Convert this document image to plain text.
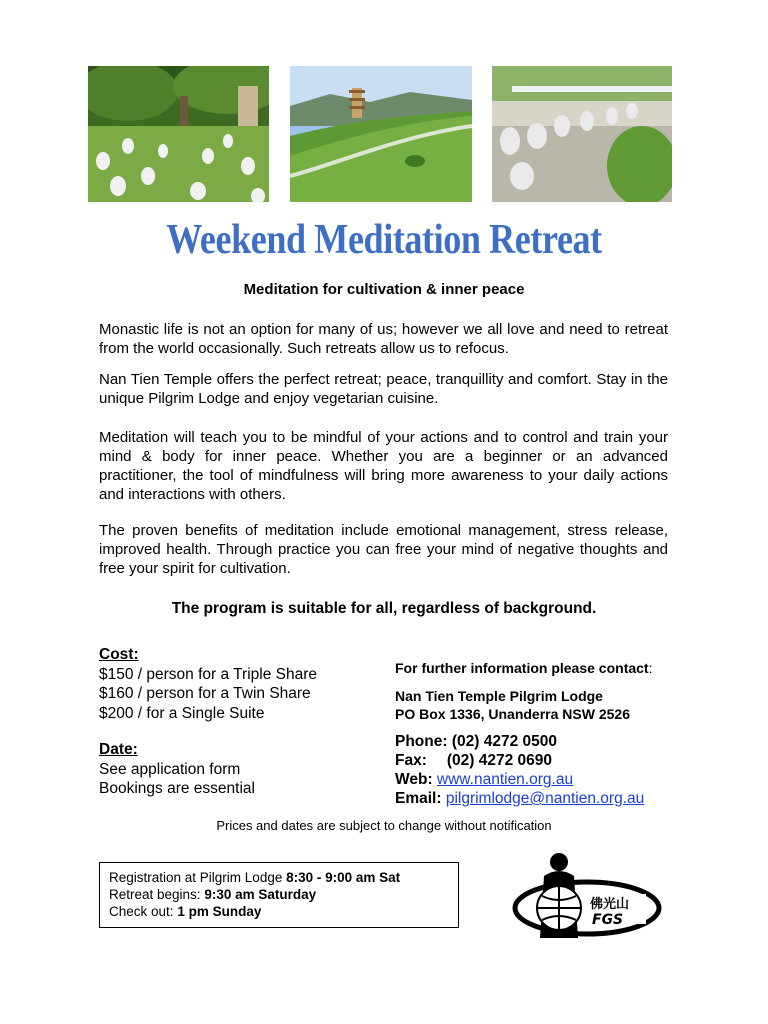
Weekend Meditation Retreat
Meditation for cultivation & inner peace

Monastic life is not an option for many of us; however we all love and need to retreat from the world occasionally. Such retreats allow us to refocus.

Nan Tien Temple offers the perfect retreat; peace, tranquillity and comfort. Stay in the unique Pilgrim Lodge and enjoy vegetarian cuisine.

Meditation will teach you to be mindful of your actions and to control and train your mind & body for inner peace. Whether you are a beginner or an advanced practitioner, the tool of mindfulness will bring more awareness to your daily actions and interactions with others.

The proven benefits of meditation include emotional management, stress release, improved health. Through practice you can free your mind of negative thoughts and free your spirit for cultivation.

The program is suitable for all, regardless of background.
Cost:
$150 / person for a Triple Share
$160 / person for a Twin Share
$200 / for a Single Suite
Date:
See application form
Bookings are essential
For further information please contact:
Nan Tien Temple Pilgrim Lodge
PO Box 1336, Unanderra NSW 2526
Phone: (02) 4272 0500
Fax: (02) 4272 0690
Web: www.nantien.org.au
Email: pilgrimlodge@nantien.org.au
Prices and dates are subject to change without notification
Registration at Pilgrim Lodge 8:30 - 9:00 am Sat
Retreat begins: 9:30 am Saturday
Check out: 1 pm Sunday	佛光山
FGS
